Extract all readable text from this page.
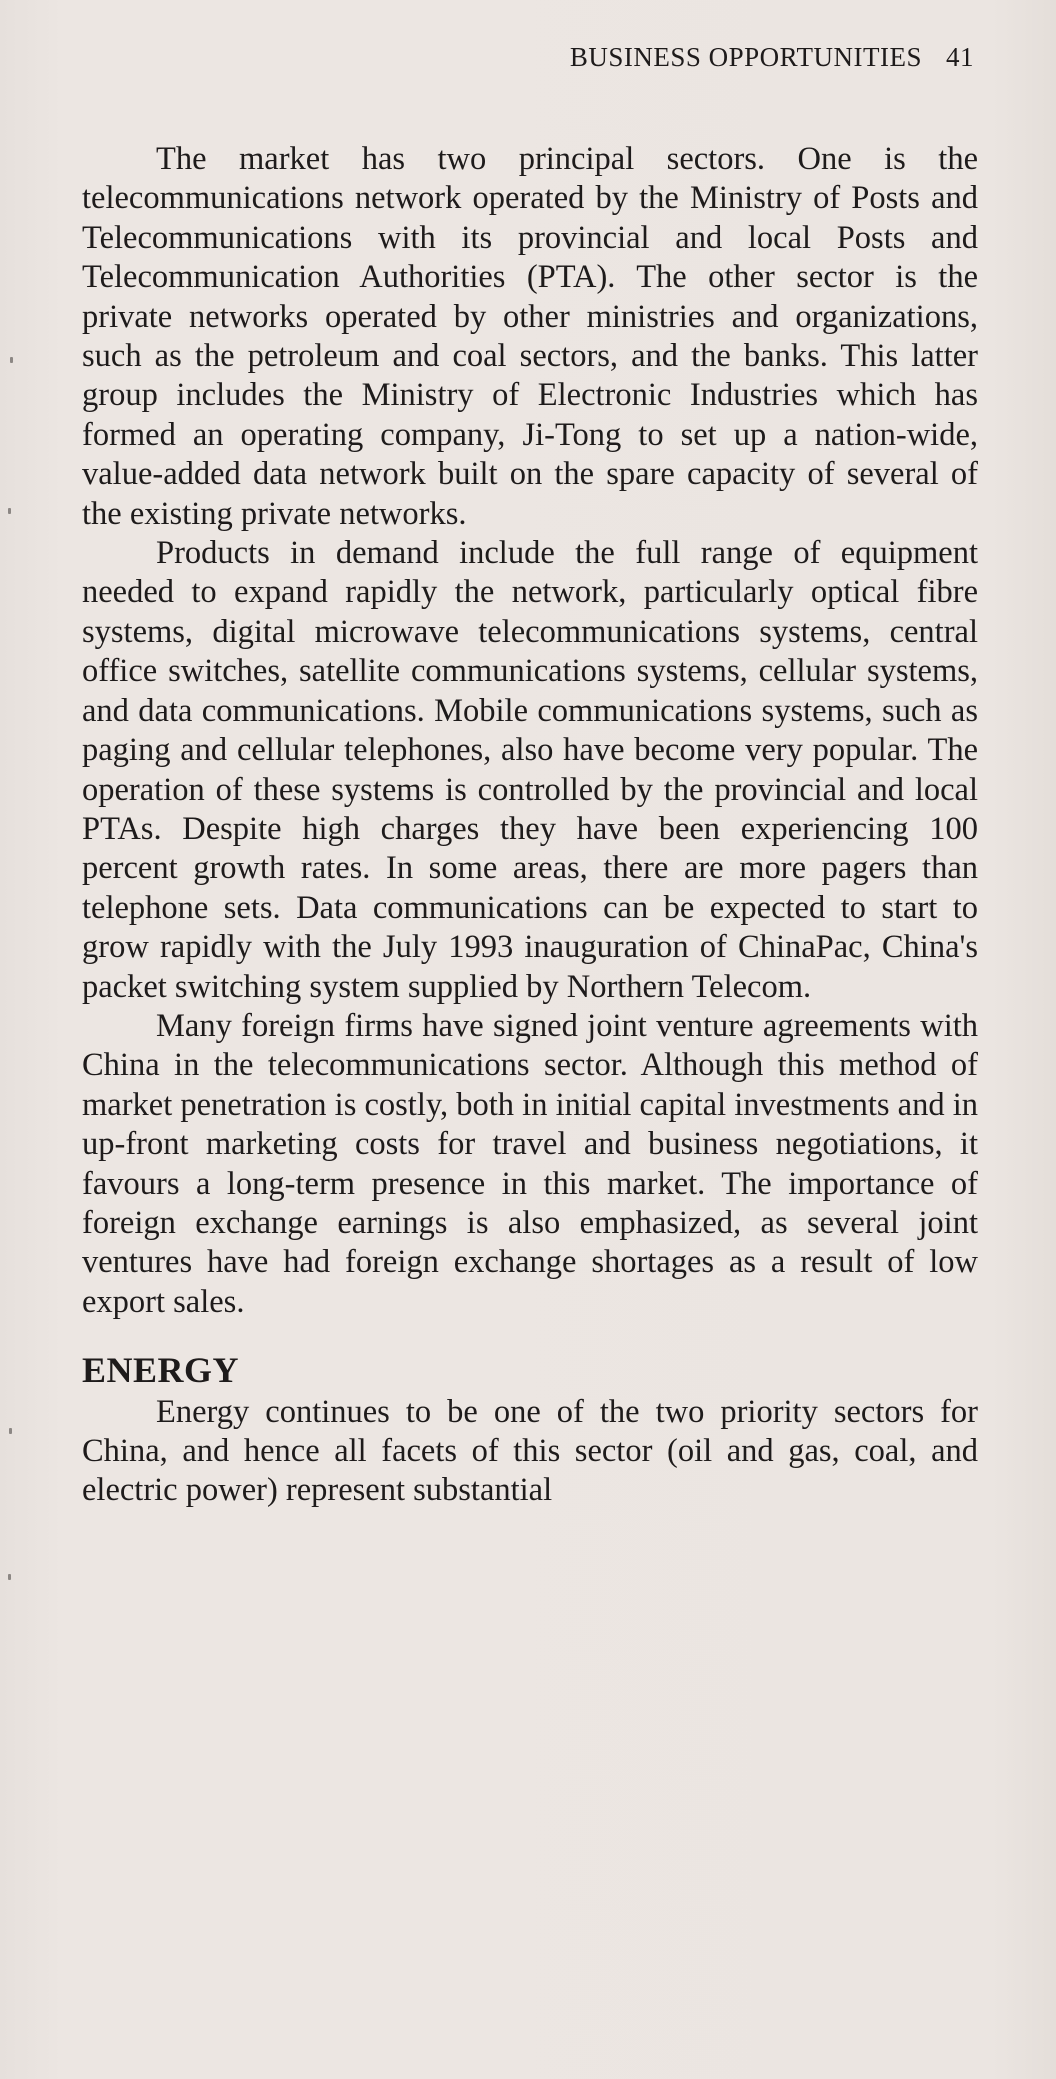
BUSINESS OPPORTUNITIES 41

The market has two principal sectors. One is the telecommunications network operated by the Ministry of Posts and Telecommunications with its provincial and local Posts and Telecommunication Authorities (PTA). The other sector is the private networks operated by other ministries and organizations, such as the petroleum and coal sectors, and the banks. This latter group includes the Ministry of Electronic Industries which has formed an operating company, Ji-Tong to set up a nation-wide, value-added data network built on the spare capacity of several of the existing private networks.

Products in demand include the full range of equipment needed to expand rapidly the network, particularly optical fibre systems, digital microwave telecommunications systems, central office switches, satellite communications systems, cellular systems, and data communications. Mobile communications systems, such as paging and cellular telephones, also have become very popular. The operation of these systems is controlled by the provincial and local PTAs. Despite high charges they have been experiencing 100 percent growth rates. In some areas, there are more pagers than telephone sets. Data communications can be expected to start to grow rapidly with the July 1993 inauguration of ChinaPac, China's packet switching system supplied by Northern Telecom.

Many foreign firms have signed joint venture agreements with China in the telecommunications sector. Although this method of market penetration is costly, both in initial capital investments and in up-front marketing costs for travel and business negotiations, it favours a long-term presence in this market. The importance of foreign exchange earnings is also emphasized, as several joint ventures have had foreign exchange shortages as a result of low export sales.

ENERGY

Energy continues to be one of the two priority sectors for China, and hence all facets of this sector (oil and gas, coal, and electric power) represent substantial
